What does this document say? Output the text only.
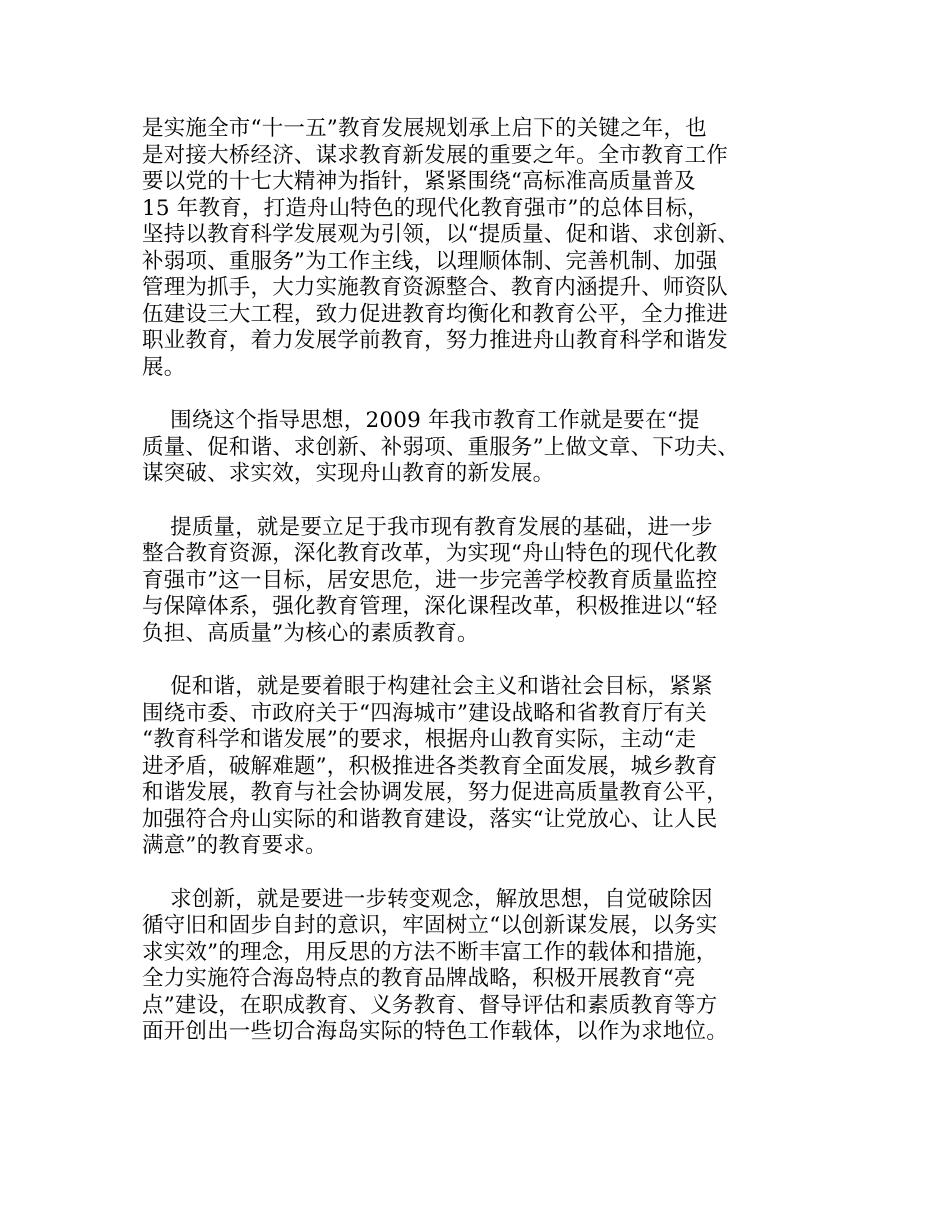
是实施全市“十一五”教育发展规划承上启下的关键之年，也
是对接大桥经济、谋求教育新发展的重要之年。全市教育工作
要以党的十七大精神为指针，紧紧围绕“高标准高质量普及
15 年教育，打造舟山特色的现代化教育强市”的总体目标，
坚持以教育科学发展观为引领，以“提质量、促和谐、求创新、
补弱项、重服务”为工作主线，以理顺体制、完善机制、加强
管理为抓手，大力实施教育资源整合、教育内涵提升、师资队
伍建设三大工程，致力促进教育均衡化和教育公平，全力推进
职业教育，着力发展学前教育，努力推进舟山教育科学和谐发
展。

围绕这个指导思想，2009 年我市教育工作就是要在“提
质量、促和谐、求创新、补弱项、重服务”上做文章、下功夫、
谋突破、求实效，实现舟山教育的新发展。

提质量，就是要立足于我市现有教育发展的基础，进一步
整合教育资源，深化教育改革，为实现“舟山特色的现代化教
育强市”这一目标，居安思危，进一步完善学校教育质量监控
与保障体系，强化教育管理，深化课程改革，积极推进以“轻
负担、高质量”为核心的素质教育。

促和谐，就是要着眼于构建社会主义和谐社会目标，紧紧
围绕市委、市政府关于“四海城市”建设战略和省教育厅有关
“教育科学和谐发展”的要求，根据舟山教育实际，主动“走
进矛盾，破解难题”，积极推进各类教育全面发展，城乡教育
和谐发展，教育与社会协调发展，努力促进高质量教育公平，
加强符合舟山实际的和谐教育建设，落实“让党放心、让人民
满意”的教育要求。

求创新，就是要进一步转变观念，解放思想，自觉破除因
循守旧和固步自封的意识，牢固树立“以创新谋发展，以务实
求实效”的理念，用反思的方法不断丰富工作的载体和措施，
全力实施符合海岛特点的教育品牌战略，积极开展教育“亮
点”建设，在职成教育、义务教育、督导评估和素质教育等方
面开创出一些切合海岛实际的特色工作载体，以作为求地位。
